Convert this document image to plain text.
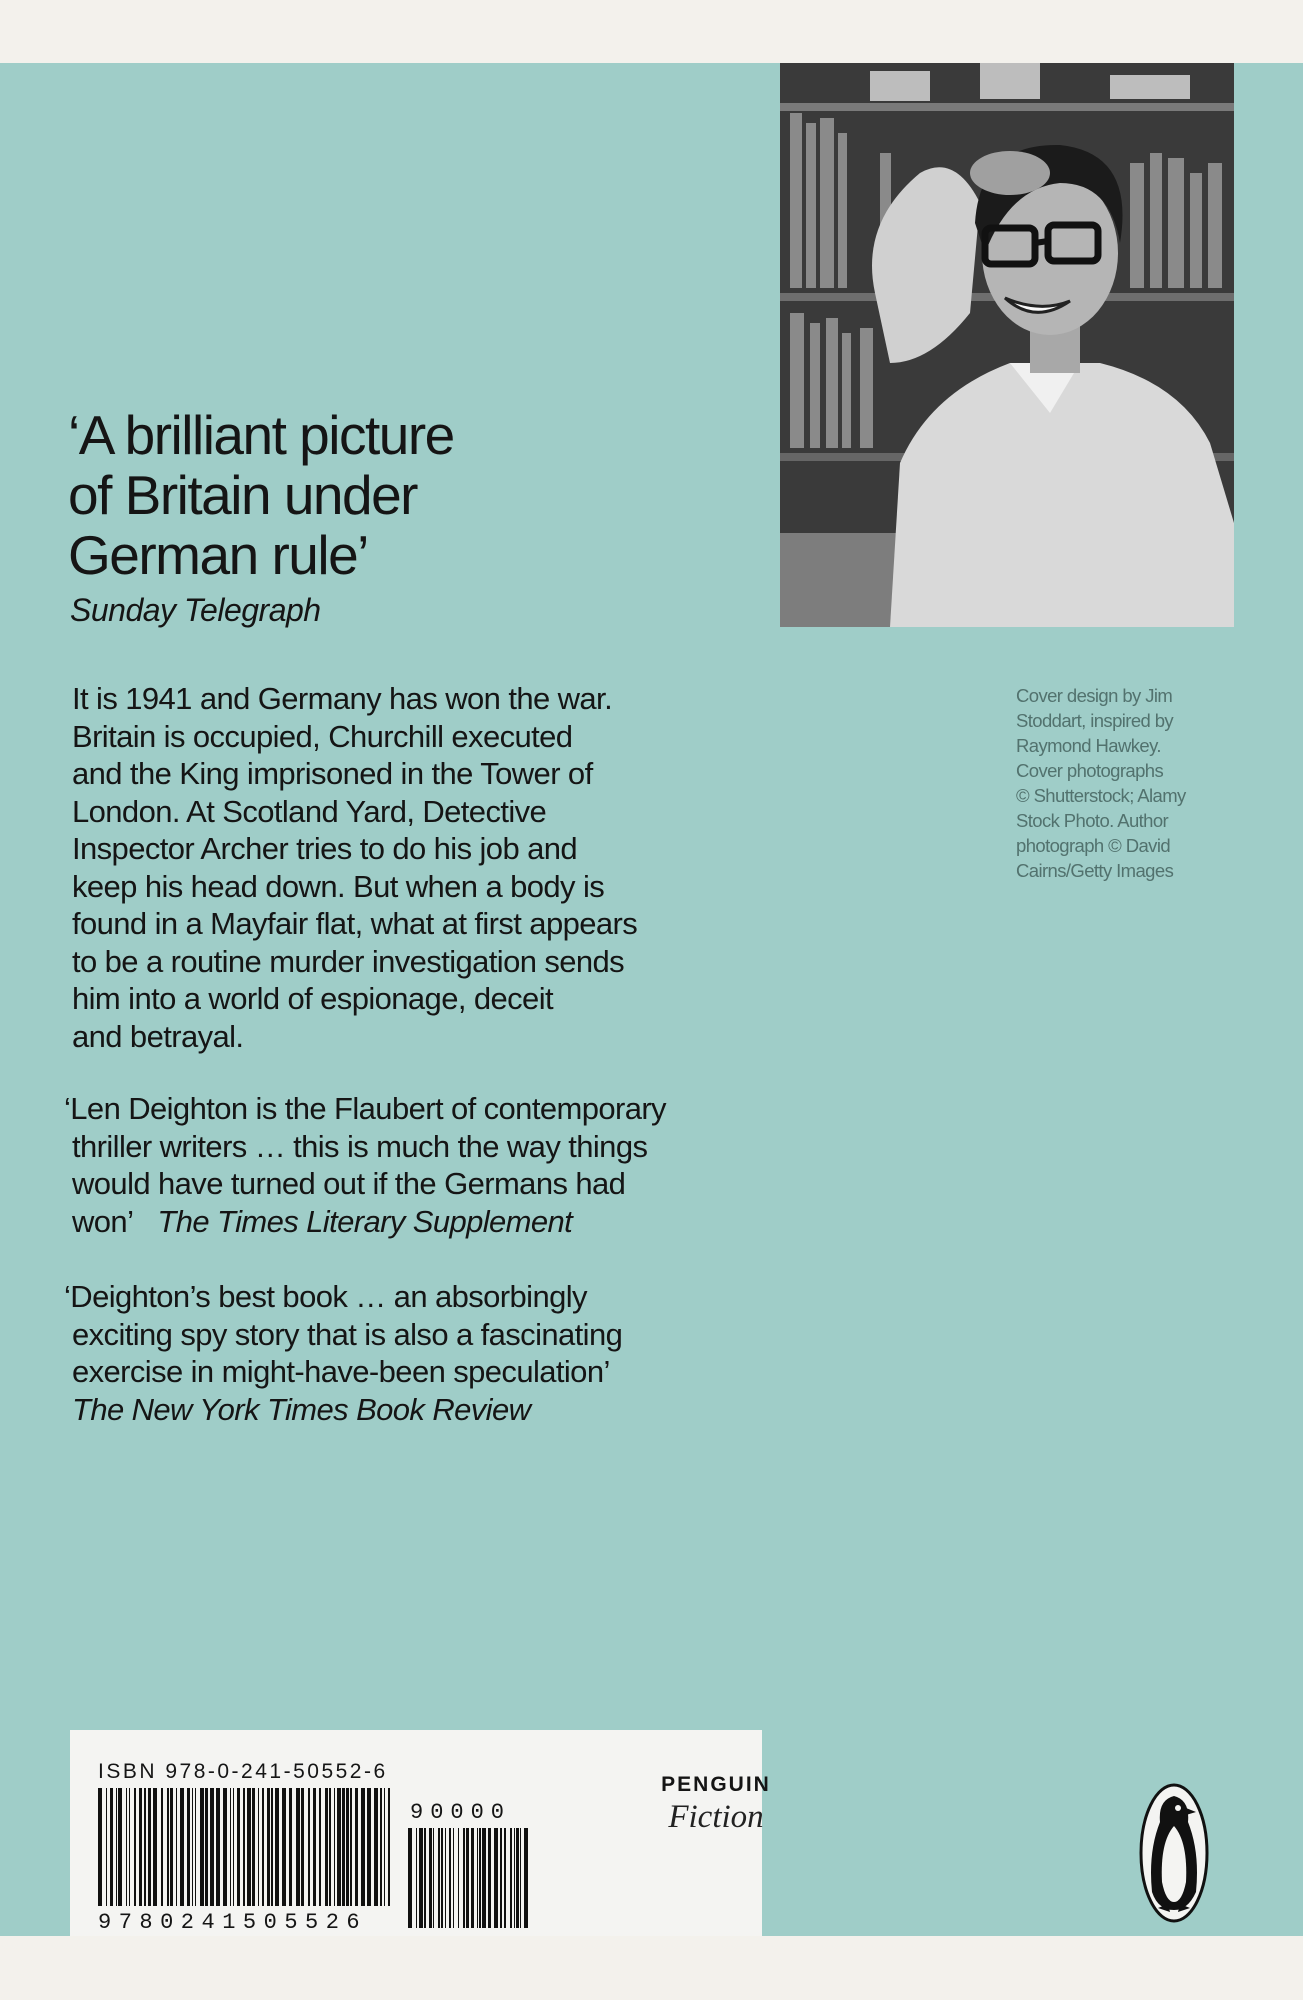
‘A brilliant picture
of Britain under
German rule’
Sunday Telegraph
It is 1941 and Germany has won the war.
Britain is occupied, Churchill executed
and the King imprisoned in the Tower of
London. At Scotland Yard, Detective
Inspector Archer tries to do his job and
keep his head down. But when a body is
found in a Mayfair flat, what at first appears
to be a routine murder investigation sends
him into a world of espionage, deceit
and betrayal.
‘Len Deighton is the Flaubert of contemporary
thriller writers … this is much the way things
would have turned out if the Germans had
won’ The Times Literary Supplement
‘Deighton’s best book … an absorbingly
exciting spy story that is also a fascinating
exercise in might-have-been speculation’
The New York Times Book Review
Cover design by Jim
Stoddart, inspired by
Raymond Hawkey.
Cover photographs
© Shutterstock; Alamy
Stock Photo. Author
photograph © David
Cairns/Getty Images
ISBN 978-0-241-50552-6
9780241505526
90000
PENGUIN
Fiction
